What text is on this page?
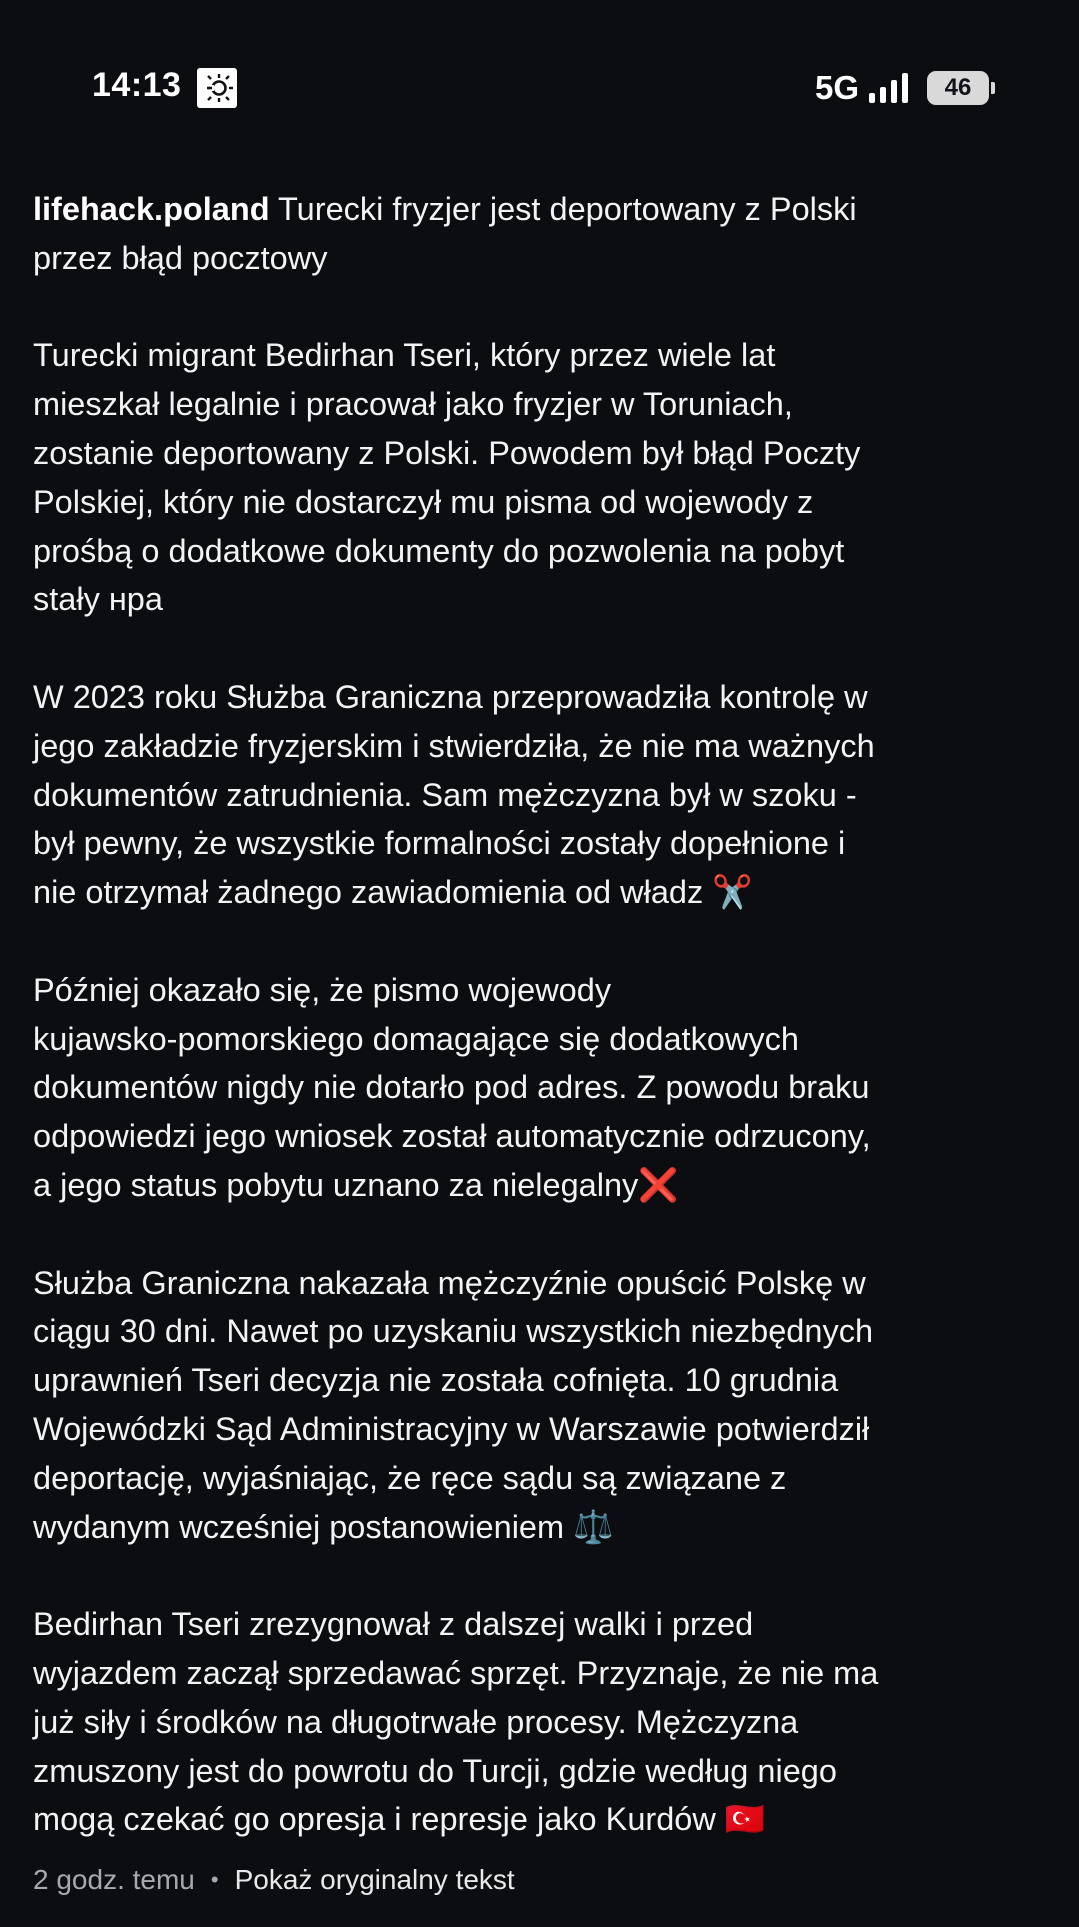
14:13	5G	46

lifehack.poland Turecki fryzjer jest deportowany z Polski
przez błąd pocztowy

Turecki migrant Bedirhan Tseri, który przez wiele lat
mieszkał legalnie i pracował jako fryzjer w Toruniach,
zostanie deportowany z Polski. Powodem był błąd Poczty
Polskiej, który nie dostarczył mu pisma od wojewody z
prośbą o dodatkowe dokumenty do pozwolenia na pobyt
stały нра

W 2023 roku Służba Graniczna przeprowadziła kontrolę w
jego zakładzie fryzjerskim i stwierdziła, że nie ma ważnych
dokumentów zatrudnienia. Sam mężczyzna był w szoku -
był pewny, że wszystkie formalności zostały dopełnione i
nie otrzymał żadnego zawiadomienia od władz ✂️

Później okazało się, że pismo wojewody
kujawsko-pomorskiego domagające się dodatkowych
dokumentów nigdy nie dotarło pod adres. Z powodu braku
odpowiedzi jego wniosek został automatycznie odrzucony,
a jego status pobytu uznano za nielegalny❌

Służba Graniczna nakazała mężczyźnie opuścić Polskę w
ciągu 30 dni. Nawet po uzyskaniu wszystkich niezbędnych
uprawnień Tseri decyzja nie została cofnięta. 10 grudnia
Wojewódzki Sąd Administracyjny w Warszawie potwierdził
deportację, wyjaśniając, że ręce sądu są związane z
wydanym wcześniej postanowieniem ⚖️

Bedirhan Tseri zrezygnował z dalszej walki i przed
wyjazdem zaczął sprzedawać sprzęt. Przyznaje, że nie ma
już siły i środków na długotrwałe procesy. Mężczyzna
zmuszony jest do powrotu do Turcji, gdzie według niego
mogą czekać go opresja i represje jako Kurdów 🇹🇷

2 godz. temu • Pokaż oryginalny tekst
